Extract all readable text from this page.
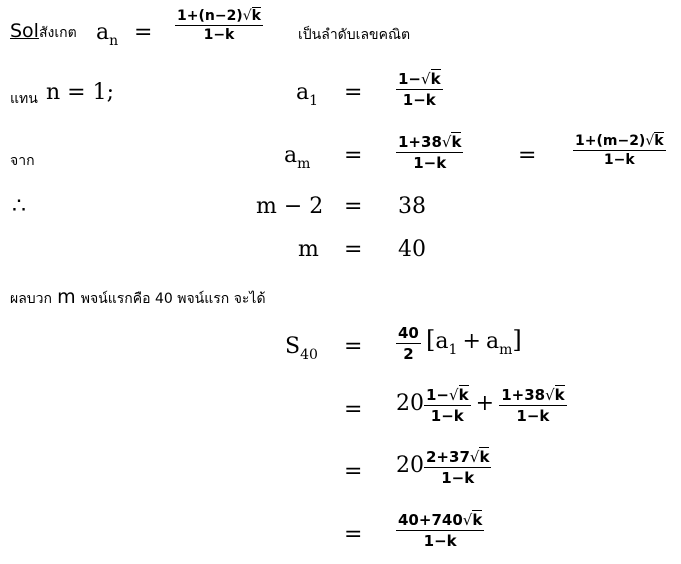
Solสังเกต $a_n = \frac{1+(n-2)√k}{1-k}$	เป็นลำดับเลขคณิต
แทน n = 1;	$a_1 = \frac{1-√k}{1-k}$
จาก	$a_m = \frac{1+38√k}{1-k}$ =	$\frac{1+(m-2)√k}{1-k}$
∴	m − 2 = 38
m = 40
ผลบวก m พจน์แรกคือ 40 พจน์แรก จะได้
$S_{40} = \frac{40}{2} [a1 + am]$
= $20 \frac{1-√k}{1-k} + \frac{1+38√k}{1-k}$
= $20 \frac{2+37√k}{1-k}$
= $\frac{40+740√k}{1-k}$
